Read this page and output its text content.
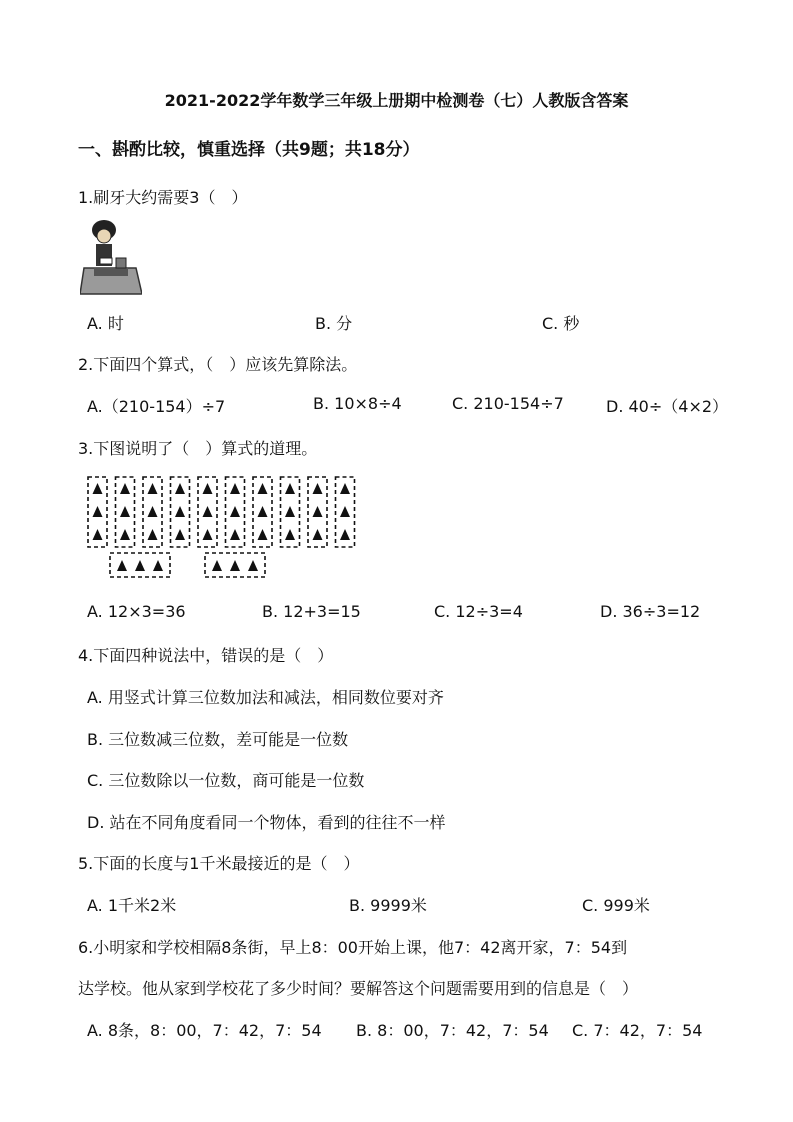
2021-2022学年数学三年级上册期中检测卷（七）人教版含答案
一、斟酌比较，慎重选择（共9题；共18分）
1.刷牙大约需要3（　）
A. 时	B. 分	C. 秒
2.下面四个算式，（　）应该先算除法。
A.（210-154）÷7	B. 10×8÷4	C. 210-154÷7	D. 40÷（4×2）
3.下图说明了（　）算式的道理。
A. 12×3=36	B. 12+3=15	C. 12÷3=4	D. 36÷3=12
4.下面四种说法中，错误的是（　）
A. 用竖式计算三位数加法和减法，相同数位要对齐
B. 三位数减三位数，差可能是一位数
C. 三位数除以一位数，商可能是一位数
D. 站在不同角度看同一个物体，看到的往往不一样
5.下面的长度与1千米最接近的是（　）
A. 1千米2米	B. 9999米	C. 999米
6.小明家和学校相隔8条街，早上8：00开始上课，他7：42离开家，7：54到
达学校。他从家到学校花了多少时间？要解答这个问题需要用到的信息是（　）
A. 8条，8：00，7：42，7：54 B. 8：00，7：42，7：54 C. 7：42，7：54
